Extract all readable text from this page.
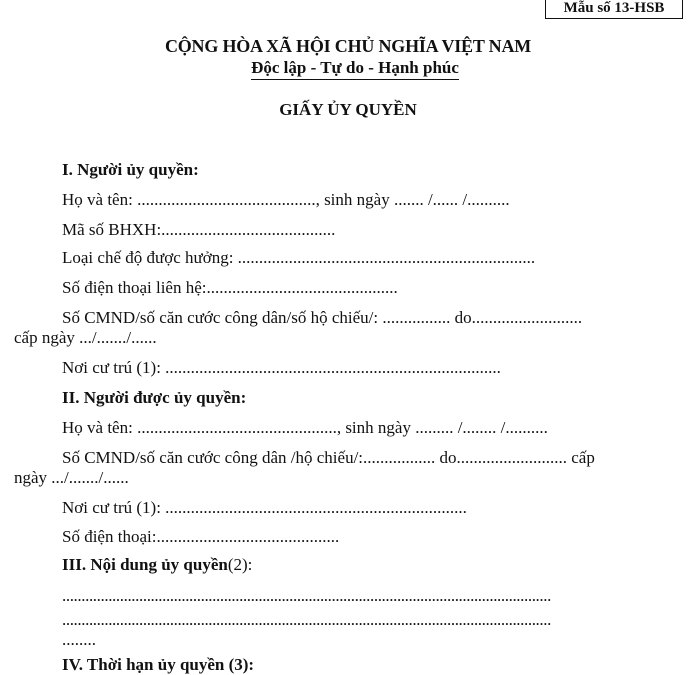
Mẫu số 13-HSB
CỘNG HÒA XÃ HỘI CHỦ NGHĨA VIỆT NAM
Độc lập - Tự do - Hạnh phúc
GIẤY ỦY QUYỀN
I. Người ủy quyền:
Họ và tên: .........................................., sinh ngày ....... /...... /..........
Mã số BHXH:.........................................
Loại chế độ được hưởng: ......................................................................
Số điện thoại liên hệ:.............................................
Số CMND/số căn cước công dân/số hộ chiếu/: ................ do..........................
cấp ngày .../......./......
Nơi cư trú (1): ...............................................................................
II. Người được ủy quyền:
Họ và tên: ..............................................., sinh ngày ......... /........ /..........
Số CMND/số căn cước công dân /hộ chiếu/:................. do.......................... cấp
ngày .../......./......
Nơi cư trú (1): .......................................................................
Số điện thoại:...........................................
III. Nội dung ủy quyền(2):
...............................................................................................................................
...............................................................................................................................
........
IV. Thời hạn ủy quyền (3):
